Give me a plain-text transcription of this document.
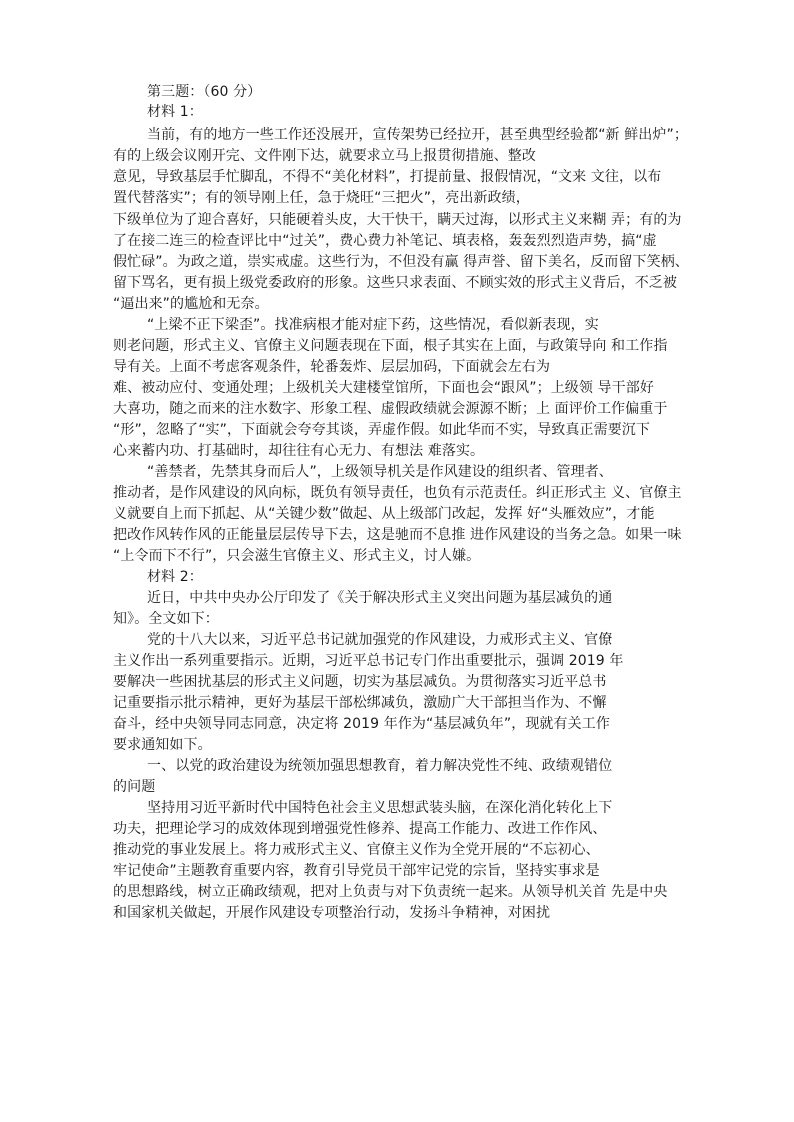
第三题：（60 分）
材料 1：
当前，有的地方一些工作还没展开，宣传架势已经拉开，甚至典型经验都“新 鲜出炉”；
有的上级会议刚开完、文件刚下达，就要求立马上报贯彻措施、整改
意见，导致基层手忙脚乱，不得不“美化材料”，打提前量、报假情况，“文来 文往，以布
置代替落实”；有的领导刚上任，急于烧旺“三把火”，亮出新政绩，
下级单位为了迎合喜好，只能硬着头皮，大干快干，瞒天过海，以形式主义来糊 弄；有的为
了在接二连三的检查评比中“过关”，费心费力补笔记、填表格，轰轰烈烈造声势，搞“虚
假忙碌”。为政之道，崇实戒虚。这些行为，不但没有赢 得声誉、留下美名，反而留下笑柄、
留下骂名，更有损上级党委政府的形象。这些只求表面、不顾实效的形式主义背后，不乏被
“逼出来”的尴尬和无奈。
“上梁不正下梁歪”。找准病根才能对症下药，这些情况，看似新表现，实
则老问题，形式主义、官僚主义问题表现在下面，根子其实在上面，与政策导向 和工作指
导有关。上面不考虑客观条件，轮番轰炸、层层加码，下面就会左右为
难、被动应付、变通处理；上级机关大建楼堂馆所，下面也会“跟风”；上级领 导干部好
大喜功，随之而来的注水数字、形象工程、虚假政绩就会源源不断；上 面评价工作偏重于
“形”，忽略了“实”，下面就会夸夸其谈，弄虚作假。如此华而不实，导致真正需要沉下
心来蓄内功、打基础时，却往往有心无力、有想法 难落实。
“善禁者，先禁其身而后人”，上级领导机关是作风建设的组织者、管理者、
推动者，是作风建设的风向标，既负有领导责任，也负有示范责任。纠正形式主 义、官僚主
义就要自上而下抓起、从“关键少数”做起、从上级部门改起，发挥 好“头雁效应”，才能
把改作风转作风的正能量层层传导下去，这是驰而不息推 进作风建设的当务之急。如果一味
“上令而下不行”，只会滋生官僚主义、形式主义，讨人嫌。
材料 2：
近日，中共中央办公厅印发了《关于解决形式主义突出问题为基层减负的通
知》。全文如下：
党的十八大以来，习近平总书记就加强党的作风建设，力戒形式主义、官僚
主义作出一系列重要指示。近期，习近平总书记专门作出重要批示，强调 2019 年
要解决一些困扰基层的形式主义问题，切实为基层减负。为贯彻落实习近平总书
记重要指示批示精神，更好为基层干部松绑减负，激励广大干部担当作为、不懈
奋斗，经中央领导同志同意，决定将 2019 年作为“基层减负年”，现就有关工作
要求通知如下。
一、以党的政治建设为统领加强思想教育，着力解决党性不纯、政绩观错位
的问题
坚持用习近平新时代中国特色社会主义思想武装头脑，在深化消化转化上下
功夫，把理论学习的成效体现到增强党性修养、提高工作能力、改进工作作风、
推动党的事业发展上。将力戒形式主义、官僚主义作为全党开展的“不忘初心、
牢记使命”主题教育重要内容，教育引导党员干部牢记党的宗旨，坚持实事求是
的思想路线，树立正确政绩观，把对上负责与对下负责统一起来。从领导机关首 先是中央
和国家机关做起，开展作风建设专项整治行动，发扬斗争精神，对困扰
